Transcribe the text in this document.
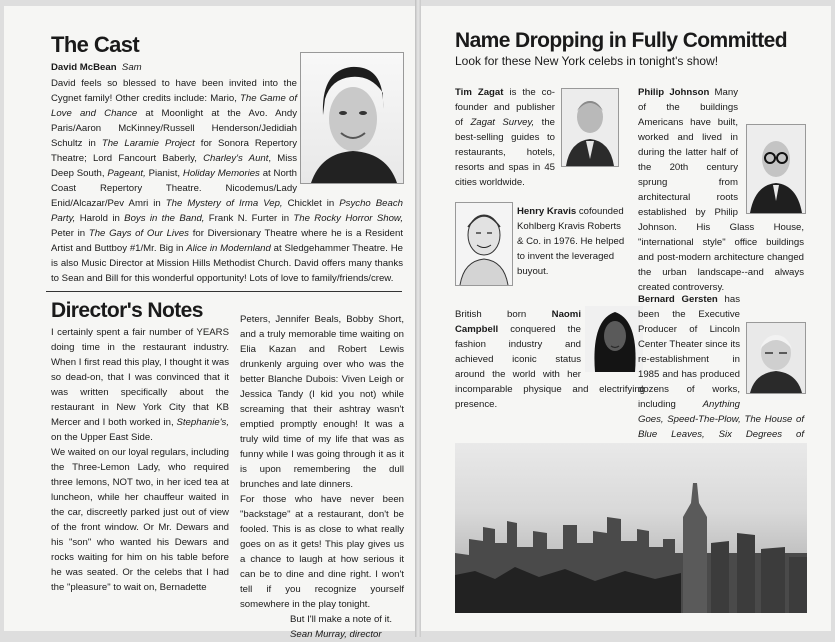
The Cast
David McBean Sam
David feels so blessed to have been invited into the Cygnet family! Other credits include: Mario, The Game of Love and Chance at Moonlight at the Avo. Andy Paris/Aaron McKinney/Russell Henderson/Jedidiah Schultz in The Laramie Project for Sonora Repertory Theatre; Lord Fancourt Baberly, Charley's Aunt, Miss Deep South, Pageant, Pianist, Holiday Memories at North Coast Repertory Theatre. Nicodemus/Lady Enid/Alcazar/Pev Amri in The Mystery of Irma Vep, Chicklet in Psycho Beach Party, Harold in Boys in the Band, Frank N. Furter in The Rocky Horror Show, Peter in The Gays of Our Lives for Diversionary Theatre where he is a Resident Artist and Buttboy #1/Mr. Big in Alice in Modernland at Sledgehammer Theatre. He is also Music Director at Mission Hills Methodist Church. David offers many thanks to Sean and Bill for this wonderful opportunity! Lots of love to family/friends/crew.
Director's Notes
I certainly spent a fair number of YEARS doing time in the restaurant industry. When I first read this play, I thought it was so dead-on, that I was convinced that it was written specifically about the restaurant in New York City that KB Mercer and I both worked in, Stephanie's, on the Upper East Side.
We waited on our loyal regulars, including the Three-Lemon Lady, who required three lemons, NOT two, in her iced tea at luncheon, while her chauffeur waited in the car, discreetly parked just out of view of the front window. Or Mr. Dewars and his "son" who wanted his Dewars and rocks waiting for him on his table before he was seated. Or the celebs that I had the "pleasure" to wait on, Bernadette
Peters, Jennifer Beals, Bobby Short, and a truly memorable time waiting on Elia Kazan and Robert Lewis drunkenly arguing over who was the better Blanche Dubois: Viven Leigh or Jessica Tandy (I kid you not) while screaming that their ashtray wasn't emptied promptly enough! It was a truly wild time of my life that was as funny while I was going through it as it is upon remembering the dull brunches and late dinners.
For those who have never been "backstage" at a restaurant, don't be fooled. This is as close to what really goes on as it gets! This play gives us a chance to laugh at how serious it can be to dine and dine right. I won't tell if you recognize yourself somewhere in the play tonight.
But I'll make a note of it.
Sean Murray, director
Name Dropping in Fully Committed
Look for these New York celebs in tonight's show!
Tim Zagat is the co-founder and publisher of Zagat Survey, the best-selling guides to restaurants, hotels, resorts and spas in 45 cities worldwide.
Henry Kravis cofounded Kohlberg Kravis Roberts & Co. in 1976. He helped to invent the leveraged buyout.
British born Naomi Campbell conquered the fashion industry and achieved iconic status around the world with her incomparable physique and electrifying presence.
Philip Johnson Many of the buildings Americans have built, worked and lived in during the latter half of the 20th century sprung from architectural roots established by Philip Johnson. His Glass House, "international style" office buildings and post-modern architecture changed the urban landscape--and always created controversy.
Bernard Gersten has been the Executive Producer of Lincoln Center Theater since its re-establishment in 1985 and has produced dozens of works, including Anything Goes, Speed-The-Plow, The House of Blue Leaves, Six Degrees of
